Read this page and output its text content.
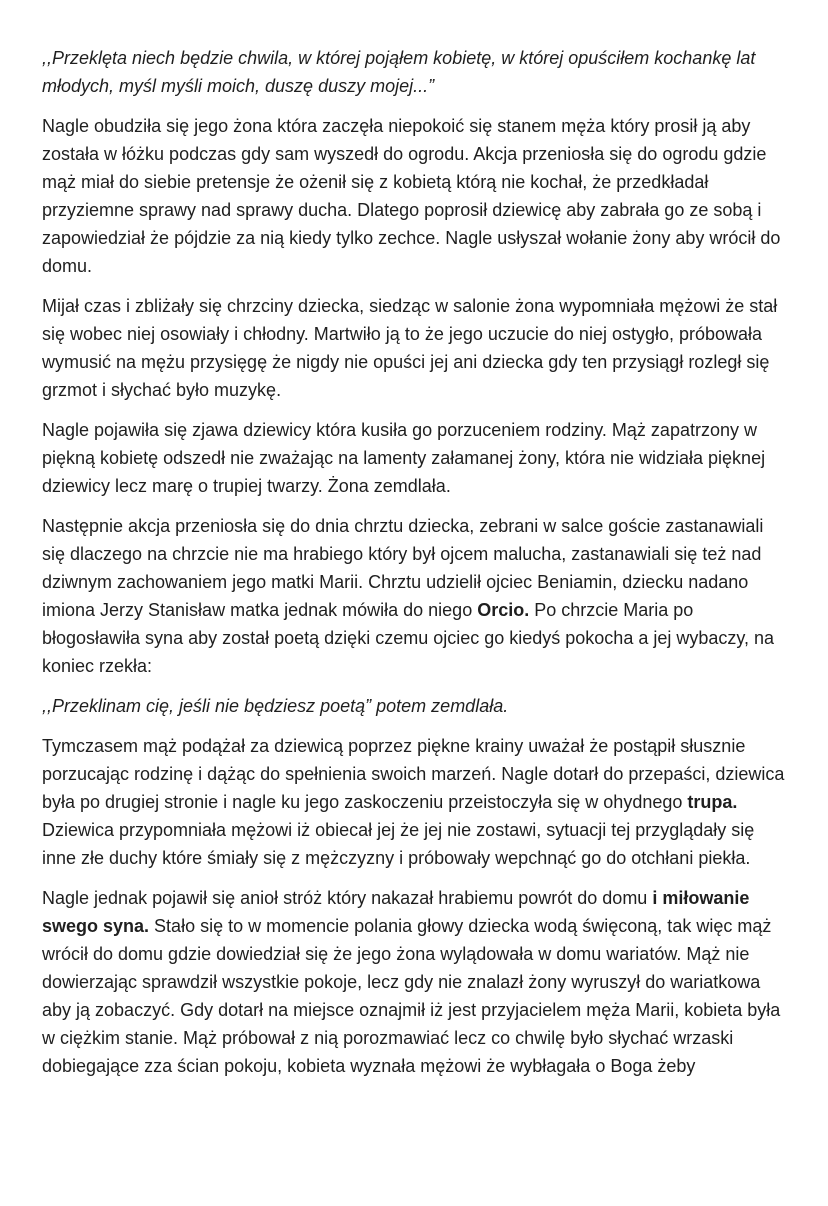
,,Przeklęta niech będzie chwila, w której pojąłem kobietę, w której opuściłem kochankę lat młodych, myśl myśli moich, duszę duszy mojej...”

Nagle obudziła się jego żona która zaczęła niepokoić się stanem męża który prosił ją aby została w łóżku podczas gdy sam wyszedł do ogrodu. Akcja przeniosła się do ogrodu gdzie mąż miał do siebie pretensje że ożenił się z kobietą którą nie kochał, że przedkładał przyziemne sprawy nad sprawy ducha. Dlatego poprosił dziewicę aby zabrała go ze sobą i zapowiedział że pójdzie za nią kiedy tylko zechce. Nagle usłyszał wołanie żony aby wrócił do domu.

Mijał czas i zbliżały się chrzciny dziecka, siedząc w salonie żona wypomniała mężowi że stał się wobec niej osowiały i chłodny. Martwiło ją to że jego uczucie do niej ostygło, próbowała wymusić na mężu przysięgę że nigdy nie opuści jej ani dziecka gdy ten przysiągł rozległ się grzmot i słychać było muzykę.

Nagle pojawiła się zjawa dziewicy która kusiła go porzuceniem rodziny. Mąż zapatrzony w piękną kobietę odszedł nie zważając na lamenty załamanej żony, która nie widziała pięknej dziewicy lecz marę o trupiej twarzy. Żona zemdlała.

Następnie akcja przeniosła się do dnia chrztu dziecka, zebrani w salce goście zastanawiali się dlaczego na chrzcie nie ma hrabiego który był ojcem malucha, zastanawiali się też nad dziwnym zachowaniem jego matki Marii. Chrztu udzielił ojciec Beniamin, dziecku nadano imiona Jerzy Stanisław matka jednak mówiła do niego Orcio. Po chrzcie Maria po błogosławiła syna aby został poetą dzięki czemu ojciec go kiedyś pokocha a jej wybaczy, na koniec rzekła:

,,Przeklinam cię, jeśli nie będziesz poetą” potem zemdlała.

Tymczasem mąż podążał za dziewicą poprzez piękne krainy uważał że postąpił słusznie porzucając rodzinę i dążąc do spełnienia swoich marzeń. Nagle dotarł do przepaści, dziewica była po drugiej stronie i nagle ku jego zaskoczeniu przeistoczyła się w ohydnego trupa. Dziewica przypomniała mężowi iż obiecał jej że jej nie zostawi, sytuacji tej przyglądały się inne złe duchy które śmiały się z mężczyzny i próbowały wepchnąć go do otchłani piekła.

Nagle jednak pojawił się anioł stróż który nakazał hrabiemu powrót do domu i miłowanie swego syna. Stało się to w momencie polania głowy dziecka wodą święconą, tak więc mąż wrócił do domu gdzie dowiedział się że jego żona wylądowała w domu wariatów. Mąż nie dowierzając sprawdził wszystkie pokoje, lecz gdy nie znalazł żony wyruszył do wariatkowa aby ją zobaczyć. Gdy dotarł na miejsce oznajmił iż jest przyjacielem męża Marii, kobieta była w ciężkim stanie. Mąż próbował z nią porozmawiać lecz co chwilę było słychać wrzaski dobiegające zza ścian pokoju, kobieta wyznała mężowi że wybłagała o Boga żeby
